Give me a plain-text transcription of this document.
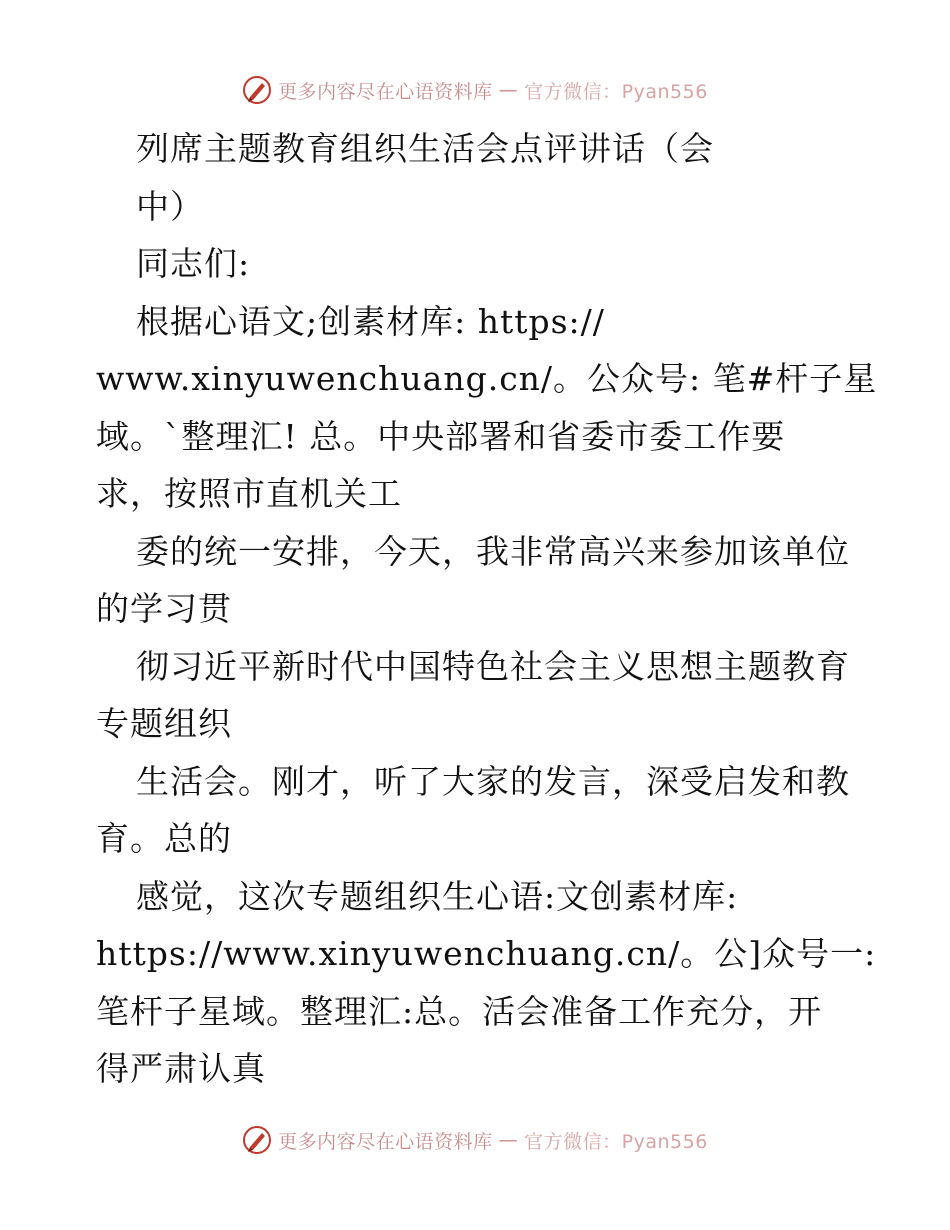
更多内容尽在心语资料库 — 官方微信：Pyan556
列席主题教育组织生活会点评讲话（会
中）
同志们:
根据心语文;创素材库: https://
www.xinyuwenchuang.cn/。公众号: 笔#杆子星
域。`整理汇! 总。中央部署和省委市委工作要
求，按照市直机关工
委的统一安排，今天，我非常高兴来参加该单位
的学习贯
彻习近平新时代中国特色社会主义思想主题教育
专题组织
生活会。刚才，听了大家的发言，深受启发和教
育。总的
感觉，这次专题组织生心语:文创素材库:
https://www.xinyuwenchuang.cn/。公]众号一:
笔杆子星域。整理汇:总。活会准备工作充分，开
得严肃认真
更多内容尽在心语资料库 — 官方微信：Pyan556
